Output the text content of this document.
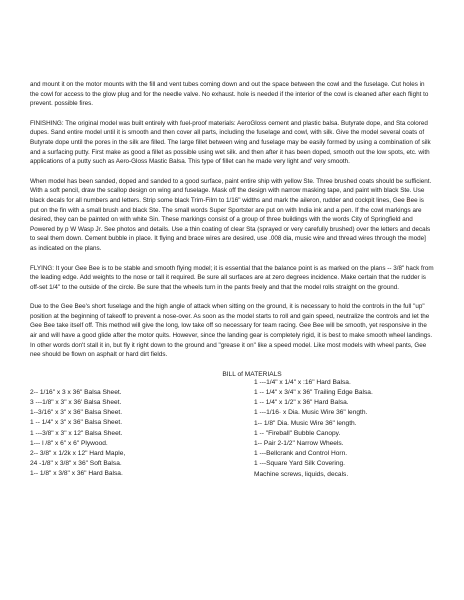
and mount it on the motor mounts with the fill and vent tubes coming down and out the space between the cowl and the fuselage. Cut holes in the cowl for access to the glow plug and for the needle valve. No exhaust. hole is needed if the interior of the cowl is cleaned after each flight to prevent. possible fires.

FINISHING: The original model was built entirely with fuel-proof materials: AeroGloss cement and plastic balsa. Butyrate dope, and Sta colored dupes. Sand entire model until it is smooth and then cover all parts, including the fuselage and cowl, with silk. Give the model several coats of Butyrate dope until the pores in the silk are filled. The large fillet between wing and fuselage may be easily formed by using a combination of silk and a surfacing putty. First make as good a fillet as possible using wet silk. and then after it has been doped, smooth out the low spots, etc. with applications of a putty such as Aero-Gloss Mastic Balsa. This type of fillet can he made very light and' very smooth.

When model has been sanded, doped and sanded to a good surface, paint entire ship with yellow Ste. Three brushed coats should be sufficient. With a soft pencil, draw the scallop design on wing and fuselage. Mask off the design with narrow masking tape, and paint with black Ste. Use black decals for all numbers and letters. Strip some black Trim-Film to 1/16" widths and mark the aileron, rudder and cockpit lines, Gee Bee is put on the fin with a small brush and black Ste. The small words Super Sportster are put on with India ink and a pen. If the cowl markings are desired, they can be painted on with white Sin. These markings consist of a group of three buildings with the words City of Springfield and Powered by p W Wasp Jr. See photos and details. Use a thin coating of clear Sta (sprayed or very carefully brushed) over the letters and decals to seal them down. Cement bubble in place. It flying and brace wires are desired, use .008 dia, music wire and thread wires through the mode] as indicated on the plans.

FLYING: It your Gee Bee is to be stable and smooth flying model; it is essential that the balance point is as marked on the plans -- 3/8" hack from the leading edge. Add weights to the nose or tall it required. Be sure all surfaces are at zero degrees incidence. Make certain that the rudder is off-set 1/4" to the outside of the circle. Be sure that the wheels turn in the pants freely and that the model rolls straight on the ground.

Due to the Gee Bee's short fuselage and the high angle of attack when sitting on the ground, it is necessary to hold the controls in the full "up" position at the beginning of takeoff to prevent a nose-over. As soon as the model starts to roll and gain speed, neutralize the controls and let the Gee Bee take itself off. This method will give the long, low take off so necessary for team racing. Gee Bee will be smooth, yet responsive in the air and will have a good glide after the motor quits. However, since the landing gear is completely rigid, it is best to make smooth wheel landings. In other words don't stall it in, but fly it right down to the ground and "grease it on" like a speed model. Like most models with wheel pants, Gee nee should be flown on asphalt or hard dirt fields.

BILL of MATERIALS

2-- 1/16" x 3 x 36" Balsa Sheet.
3 ---1/8" x 3" x 36' Balsa Sheet.
1--3/16" x 3" x 36" Balsa Sheet.
1 -- 1/4" x 3" x 36" Balsa Sheet.
1 ---3/8" x 3" x 12" Balsa Sheet.
1--- l /8" x 6" x 6" Plywood.
2-- 3/8" x 1/2k x 12" Hard Maple,
24 -1/8" x 3/8" x 36" Soft Balsa.
1-- 1/8" x 3/8" x 36" Hard Balsa.
1 ---1/4" x 1/4" x :16" Hard Balsa.
1 -- 1/4" x 3/4" x 36" Trailing Edge Balsa.
1 -- 1/4" x 1/2" x 36" Hard Balsa.
1 ---1/16· x Dia. Music Wire 36" length.
1-- 1/8" Dia. Music Wire 36" length.
1 -- "Fireball" Bubble Canopy.
1-- Pair 2-1/2" Narrow Wheels.
1 ---Bellcrank and Control Horn.
1 ---Square Yard Silk Covering.
Machine screws, liquids, decals.
